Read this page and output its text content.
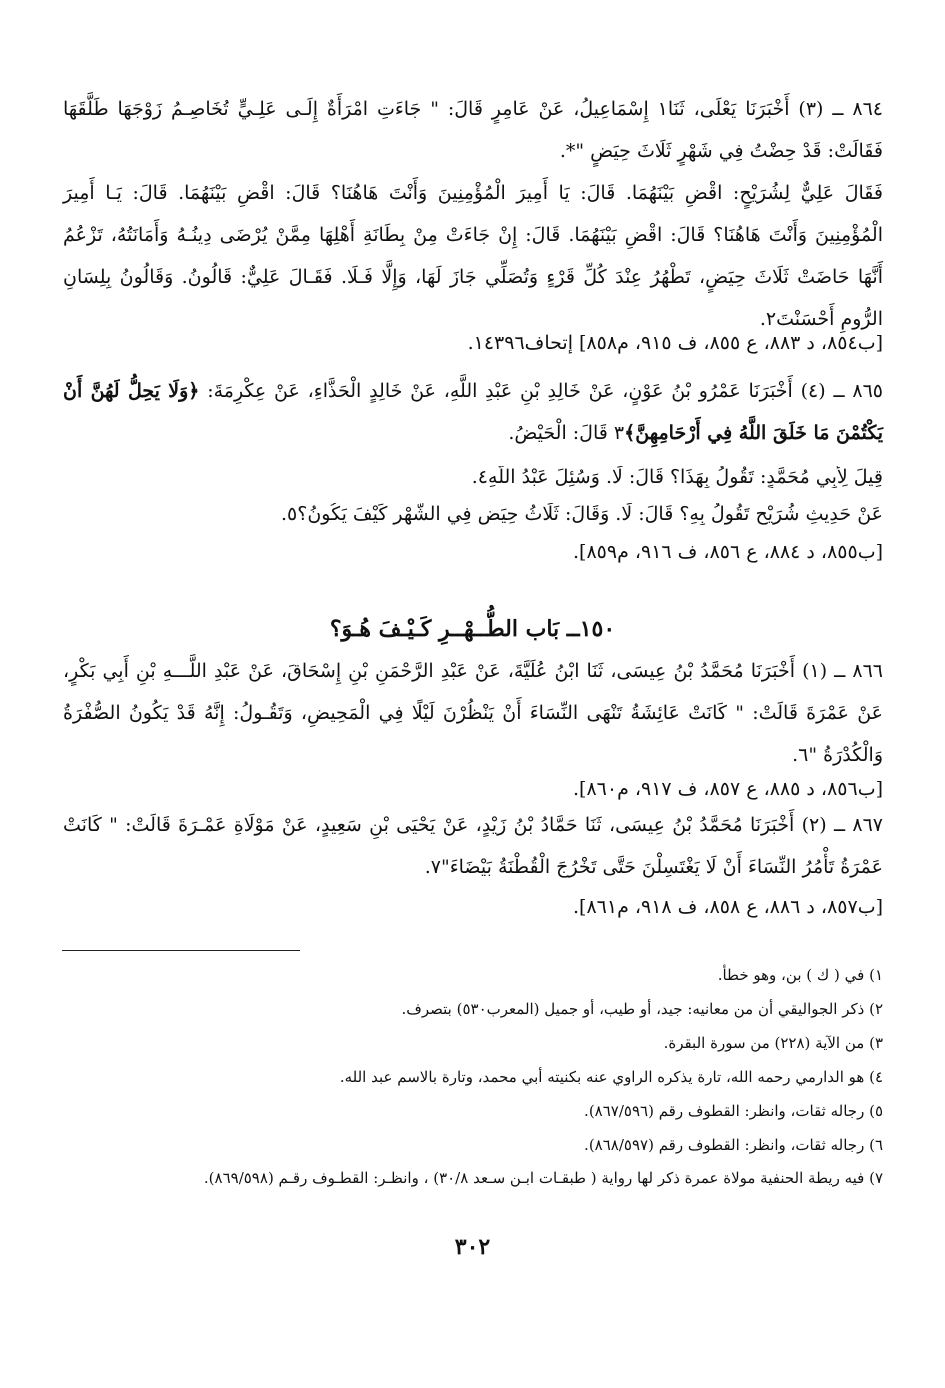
٨٦٤ ــ (٣) أَخْبَرَنَا يَعْلَى، ثَنَا١ إِسْمَاعِيلُ، عَنْ عَامِرٍ قَالَ: " جَاءَتِ امْرَأَةٌ إِلَـى عَلِـيٍّ تُخَاصِـمُ زَوْجَهَا طَلَّقَهَا فَقَالَتْ: قَدْ حِضْتُ فِي شَهْرٍ ثَلَاثَ حِيَضٍ "*.
فَقَالَ عَلِيٌّ لِشُرَيْحٍ: اقْضِ بَيْنَهُمَا. قَالَ: يَا أَمِيرَ الْمُؤْمِنِينَ وَأَنْتَ هَاهُنَا؟ قَالَ: اقْضِ بَيْنَهُمَا. قَالَ: يَـا أَمِيرَ الْمُؤْمِنِينَ وَأَنْتَ هَاهُنَا؟ قَالَ: اقْضِ بَيْنَهُمَا. قَالَ: إِنْ جَاءَتْ مِنْ بِطَانَةِ أَهْلِهَا مِمَّنْ يُرْضَى دِينُـهُ وَأَمَانَتُهُ، تَزْعُمُ أَنَّهَا حَاضَتْ ثَلَاثَ حِيَضٍ، تَطْهُرُ عِنْدَ كُلِّ قَرْءٍ وَتُصَلِّي جَازَ لَهَا، وَإِلَّا فَـلَا. فَقَـالَ عَلِيٌّ: قَالُونُ. وَقَالُونُ بِلِسَانِ الرُّومِ أَحْسَنْتَ٢.
[ب٨٥٤، د ٨٨٣، ع ٨٥٥، ف ٩١٥، م٨٥٨] إتحاف١٤٣٩٦.
٨٦٥ ــ (٤) أَخْبَرَنَا عَمْرُو بْنُ عَوْنٍ، عَنْ خَالِدِ بْنِ عَبْدِ اللَّهِ، عَنْ خَالِدٍ الْحَذَّاءِ، عَنْ عِكْرِمَةَ: ﴿وَلَا يَحِلُّ لَهُنَّ أَنْ يَكْتُمْنَ مَا خَلَقَ اللَّهُ فِي أَرْحَامِهِنَّ﴾٣ قَالَ: الْحَيْضُ.
قِيلَ لِأَبِي مُحَمَّدٍ: تَقُولُ بِهَذَا؟ قَالَ: لَا. وَسُئِلَ عَبْدُ اللَّهِ٤.
عَنْ حَدِيثِ شُرَيْحٍ تَقُولُ بِهِ؟ قَالَ: لَا. وَقَالَ: ثَلَاثُ حِيَضٍ فِي الشَّهْرِ كَيْفَ يَكُونُ؟٥.
[ب٨٥٥، د ٨٨٤، ع ٨٥٦، ف ٩١٦، م٨٥٩].
١٥٠ــ بَاب الطُّــهْــرِ كَـيْـفَ هُـوَ؟
٨٦٦ ــ (١) أَخْبَرَنَا مُحَمَّدُ بْنُ عِيسَى، ثَنَا ابْنُ عُلَيَّةَ، عَنْ عَبْدِ الرَّحْمَنِ بْنِ إِسْحَاقَ، عَنْ عَبْدِ اللَّـــهِ بْنِ أَبِي بَكْرٍ، عَنْ عَمْرَةَ قَالَتْ: " كَانَتْ عَائِشَةُ تَنْهَى النِّسَاءَ أَنْ يَنْظُرْنَ لَيْلًا فِي الْمَحِيضِ، وَتَقُـولُ: إِنَّهُ قَدْ يَكُونُ الصُّفْرَةُ وَالْكُدْرَةُ "٦.
[ب٨٥٦، د ٨٨٥، ع ٨٥٧، ف ٩١٧، م٨٦٠].
٨٦٧ ــ (٢) أَخْبَرَنَا مُحَمَّدُ بْنُ عِيسَى، ثَنَا حَمَّادُ بْنُ زَيْدٍ، عَنْ يَحْيَى بْنِ سَعِيدٍ، عَنْ مَوْلَاةِ عَمْـرَةَ قَالَتْ: " كَانَتْ عَمْرَةُ تَأْمُرُ النِّسَاءَ أَنْ لَا يَغْتَسِلْنَ حَتَّى تَخْرُجَ الْقُطْنَةُ بَيْضَاءَ"٧.
[ب٨٥٧، د ٨٨٦، ع ٨٥٨، ف ٩١٨، م٨٦١].
١) في ( ك ) بن، وهو خطأ.
٢) ذكر الجواليقي أن من معانيه: جيد، أو طيب، أو جميل (المعرب٥٣٠) بتصرف.
٣) من الآية (٢٢٨) من سورة البقرة.
٤) هو الدارمي رحمه الله، تارة يذكره الراوي عنه بكنيته أبي محمد، وتارة بالاسم عبد الله.
٥) رجاله ثقات، وانظر: القطوف رقم (٨٦٧/٥٩٦).
٦) رجاله ثقات، وانظر: القطوف رقم (٨٦٨/٥٩٧).
٧) فيه ريطة الحنفية مولاة عمرة ذكر لها رواية ( طبقـات ابـن سـعد ٣٠/٨) ، وانظـر: القطـوف رقـم (٨٦٩/٥٩٨).
٣٠٢
